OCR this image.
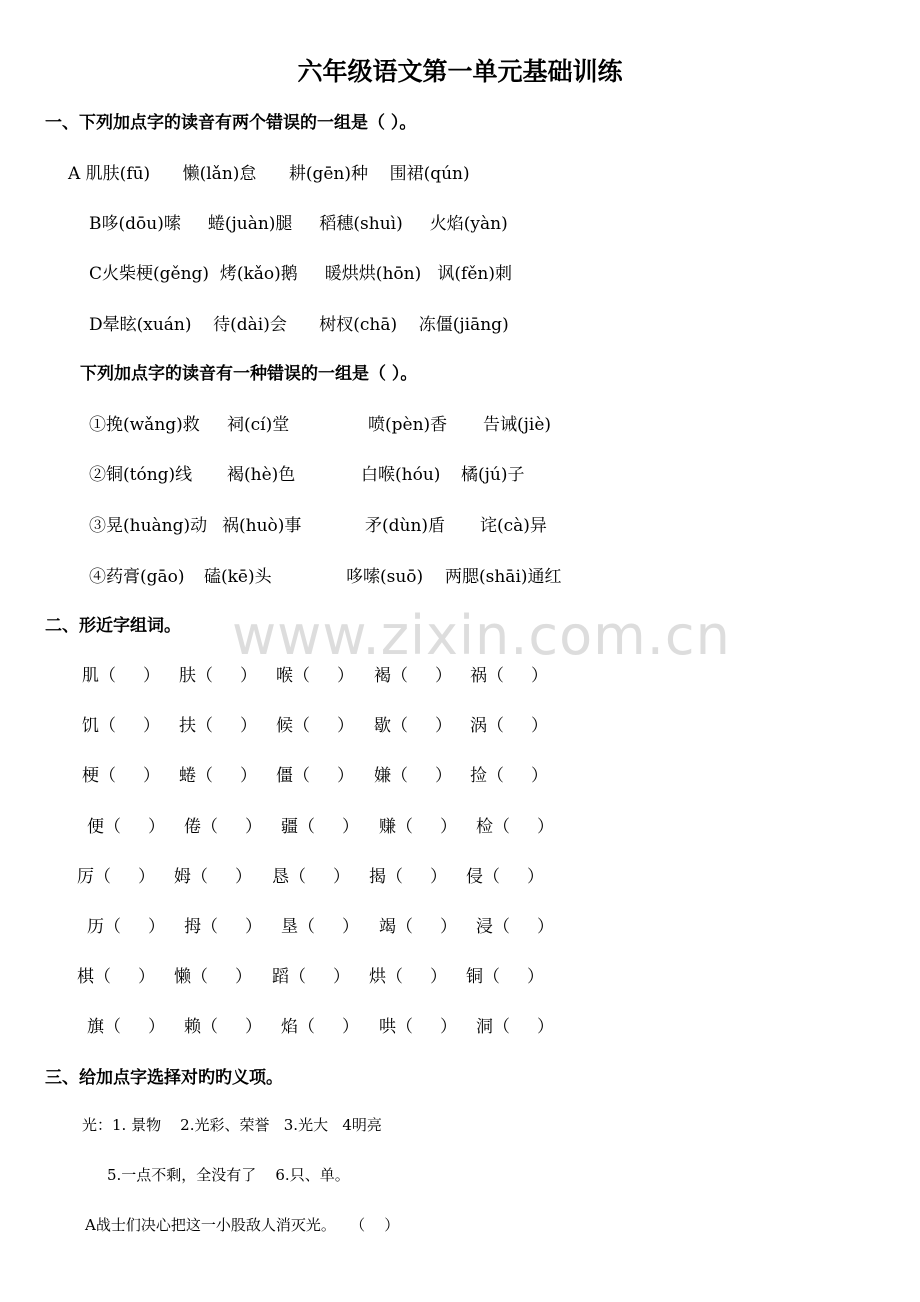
www.zixin.com.cn
六年级语文第一单元基础训练
一、下列加点字的读音有两个错误的一组是（ ）。
A 肌肤(fū)      懒(lǎn)怠      耕(gēn)种    围裙(qún)
B哆(dōu)嗦     蜷(juàn)腿     稻穗(shuì)     火焰(yàn)
C火柴梗(gěng)  烤(kǎo)鹅     暖烘烘(hōn)   讽(fěn)刺
D晕眩(xuán)    待(dài)会      树杈(chā)    冻僵(jiāng)
下列加点字的读音有一种错误的一组是（ ）。
①挽(wǎng)救 祠(cí)堂	喷(pèn)香 告诫(jiè)
②铜(tóng)线 褐(hè)色	白喉(hóu) 橘(jú)子
③晃(huàng)动 祸(huò)事	矛(dùn)盾 诧(cà)异
④药膏(gāo) 磕(kē)头	哆嗦(suō) 两腮(shāi)通红
二、形近字组词。
肌（     ） 肤（     ） 喉（     ） 褐（     ） 祸（     ）
饥（     ） 扶（     ） 候（     ） 歇（     ） 涡（     ）
梗（     ） 蜷（     ） 僵（     ） 嫌（     ） 捡（     ）
便（     ） 倦（     ） 疆（     ） 赚（     ） 检（     ）
厉（     ） 姆（     ） 恳（     ） 揭（     ） 侵（     ）
历（     ） 拇（     ） 垦（     ） 竭（     ） 浸（     ）
棋（     ） 懒（     ） 蹈（     ） 烘（     ） 铜（     ）
旗（     ） 赖（     ） 焰（     ） 哄（     ） 洞（     ）
三、给加点字选择对旳旳义项。
光：1. 景物    2.光彩、荣誉   3.光大   4明亮
5.一点不剩，全没有了    6.只、单。
A战士们决心把这一小股敌人消灭光。   （    ）
